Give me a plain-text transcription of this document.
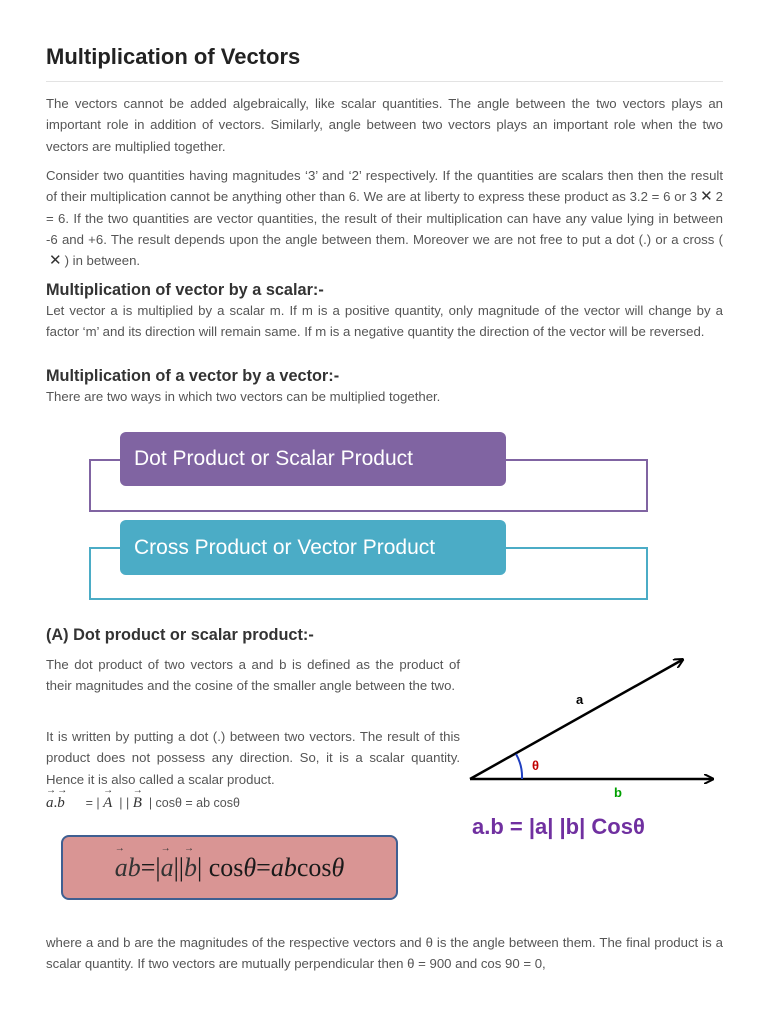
Multiplication of Vectors

The vectors cannot be added algebraically, like scalar quantities. The angle between the two vectors plays an important role in addition of vectors. Similarly, angle between two vectors plays an important role when the two vectors are multiplied together.

Consider two quantities having magnitudes ‘3’ and ‘2’ respectively. If the quantities are scalars then then the result of their multiplication cannot be anything other than 6. We are at liberty to express these product as 3.2 = 6 or 3 ✕ 2 = 6. If the two quantities are vector quantities, the result of their multiplication can have any value lying in between -6 and +6. The result depends upon the angle between them. Moreover we are not free to put a dot (.) or a cross (✕ ) in between.

Multiplication of vector by a scalar:-

Let vector a is multiplied by a scalar m. If m is a positive quantity, only magnitude of the vector will change by a factor ‘m’ and its direction will remain same. If m is a negative quantity the direction of the vector will be reversed.

Multiplication of a vector by a vector:-

There are two ways in which two vectors can be multiplied together.

Dot Product or Scalar Product
Cross Product or Vector Product
(A) Dot product or scalar product:-

The dot product of two vectors a and b is defined as the product of their magnitudes and the cosine of the smaller angle between the two.

It is written by putting a dot (.) between two vectors. The result of this product does not possess any direction. So, it is a scalar quantity. Hence it is also called a scalar product.

→ a.→ b = | → A | | → B | cosθ = ab cosθ
→ ab =| → a || → b | cos θ = ab cos θ
a
θ
b
a.b = |a| |b| Cosθ

where a and b are the magnitudes of the respective vectors and θ is the angle between them. The final product is a scalar quantity. If two vectors are mutually perpendicular then θ = 900 and cos 90 = 0,
